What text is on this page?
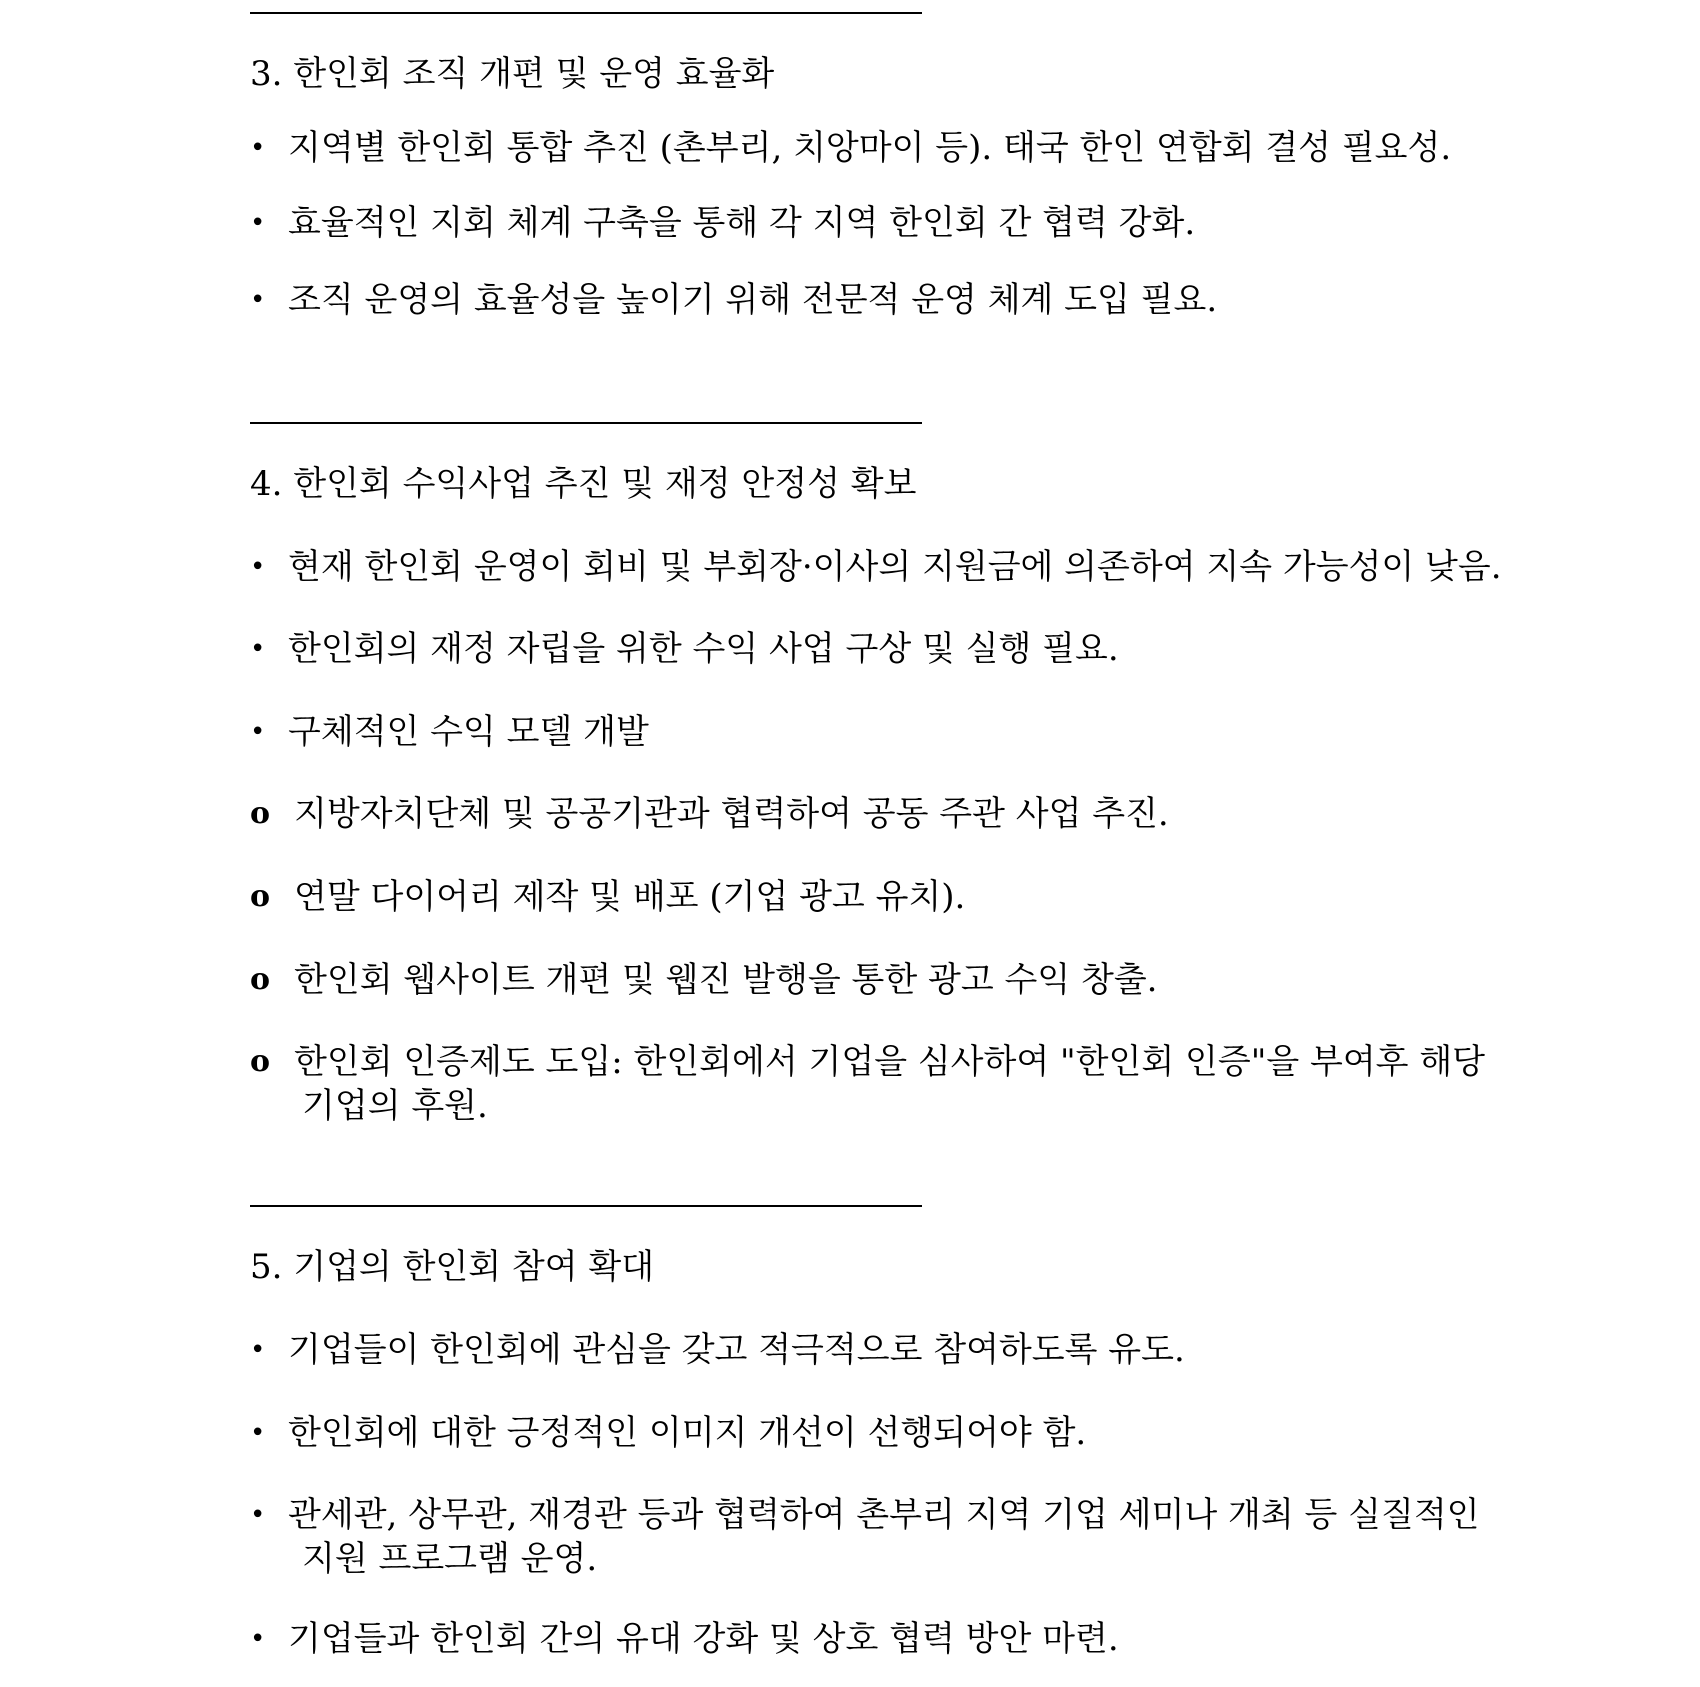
3. 한인회 조직 개편 및 운영 효율화
• 지역별 한인회 통합 추진 (촌부리, 치앙마이 등). 태국 한인 연합회 결성 필요성.
• 효율적인 지회 체계 구축을 통해 각 지역 한인회 간 협력 강화.
• 조직 운영의 효율성을 높이기 위해 전문적 운영 체계 도입 필요.
4. 한인회 수익사업 추진 및 재정 안정성 확보
• 현재 한인회 운영이 회비 및 부회장·이사의 지원금에 의존하여 지속 가능성이 낮음.
• 한인회의 재정 자립을 위한 수익 사업 구상 및 실행 필요.
• 구체적인 수익 모델 개발
o 지방자치단체 및 공공기관과 협력하여 공동 주관 사업 추진.
o 연말 다이어리 제작 및 배포 (기업 광고 유치).
o 한인회 웹사이트 개편 및 웹진 발행을 통한 광고 수익 창출.
o 한인회 인증제도 도입: 한인회에서 기업을 심사하여 "한인회 인증"을 부여후 해당
기업의 후원.
5. 기업의 한인회 참여 확대
• 기업들이 한인회에 관심을 갖고 적극적으로 참여하도록 유도.
• 한인회에 대한 긍정적인 이미지 개선이 선행되어야 함.
• 관세관, 상무관, 재경관 등과 협력하여 촌부리 지역 기업 세미나 개최 등 실질적인
지원 프로그램 운영.
• 기업들과 한인회 간의 유대 강화 및 상호 협력 방안 마련.
